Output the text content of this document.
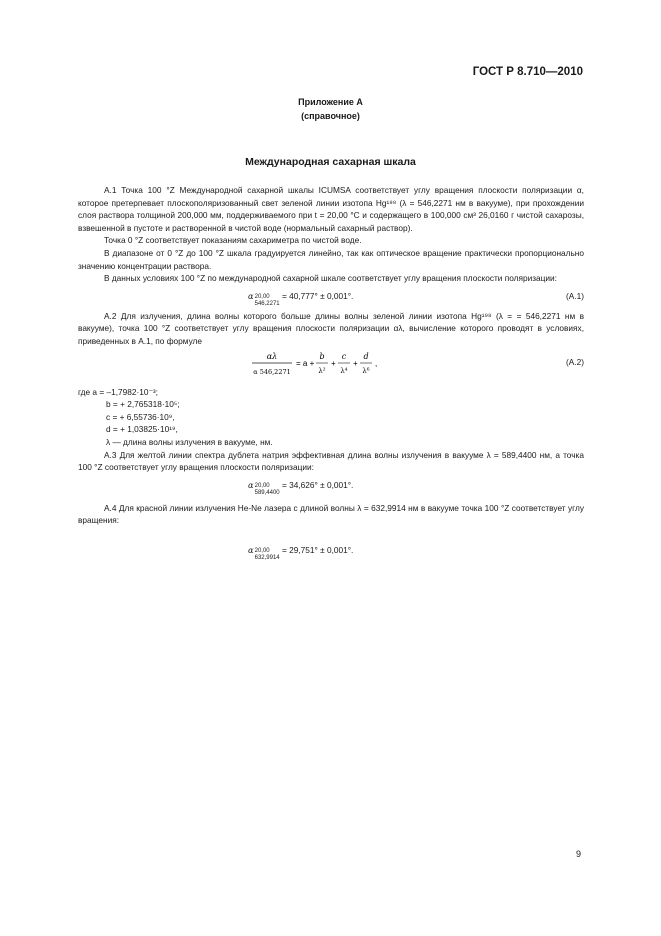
ГОСТ Р 8.710—2010
Приложение А
(справочное)
Международная сахарная шкала

А.1 Точка 100 °Z Международной сахарной шкалы ICUMSA соответствует углу вращения плоскости поляризации α, которое претерпевает плоскополяризованный свет зеленой линии изотопа Hg¹⁹⁸ (λ = 546,2271 нм в вакууме), при прохождении слоя раствора толщиной 200,000 мм, поддерживаемого при t = 20,00 °С и содержащего в 100,000 см³ 26,0160 г чистой сахарозы, взвешенной в пустоте и растворенной в чистой воде (нормальный сахарный раствор).

Точка 0 °Z соответствует показаниям сахариметра по чистой воде.

В диапазоне от 0 °Z до 100 °Z шкала градуируется линейно, так как оптическое вращение практически пропорционально значению концентрации раствора.

В данных условиях 100 °Z по международной сахарной шкале соответствует углу вращения плоскости поляризации:

α 20,00
546,2271
= 40,777° ± 0,001°.	(А.1)

А.2 Для излучения, длина волны которого больше длины волны зеленой линии изотопа Hg¹⁹⁸ (λ = = 546,2271 нм в вакууме), точка 100 °Z соответствует углу вращения плоскости поляризации αλ, вычисление которого проводят в условиях, приведенных в А.1, по формуле

αλ
α 546,2271
= a +
b
λ²
+
c
λ⁴
+
d
λ⁶
,	(А.2)
где a = –1,7982·10⁻³;
b = + 2,765318·10⁵;
c = + 6,55736·10⁹,
d = + 1,03825·10¹⁹,
λ — длина волны излучения в вакууме, нм.

А.3 Для желтой линии спектра дублета натрия эффективная длина волны излучения в вакууме λ = 589,4400 нм, а точка 100 °Z соответствует углу вращения плоскости поляризации:

α 20,00
589,4400
= 34,626° ± 0,001°.

А.4 Для красной линии излучения He-Ne лазера с длиной волны λ = 632,9914 нм в вакууме точка 100 °Z соответствует углу вращения:

α 20,00
632,9914
= 29,751° ± 0,001°.
9
